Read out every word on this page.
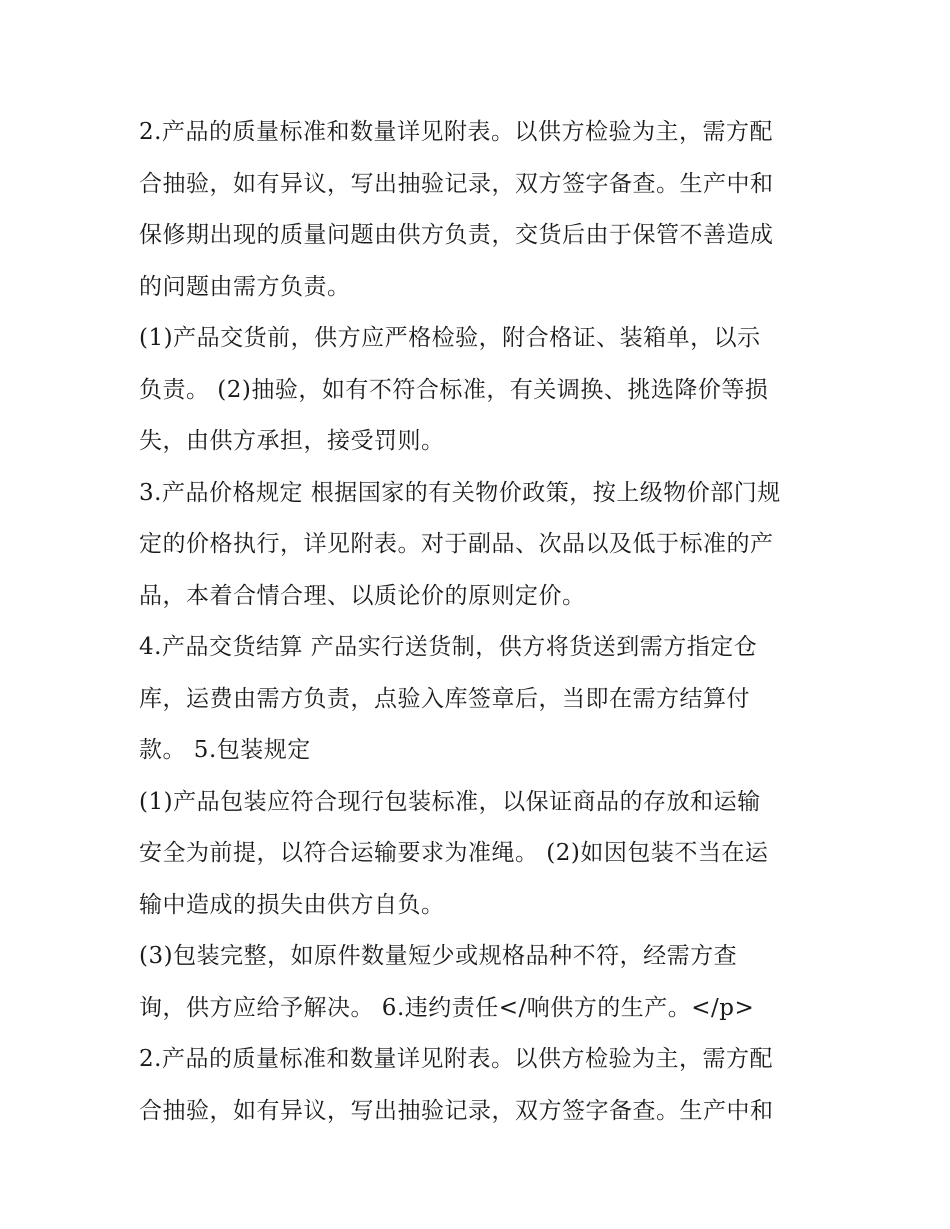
2.产品的质量标准和数量详见附表。以供方检验为主，需方配
合抽验，如有异议，写出抽验记录，双方签字备查。生产中和
保修期出现的质量问题由供方负责，交货后由于保管不善造成
的问题由需方负责。
(1)产品交货前，供方应严格检验，附合格证、装箱单，以示
负责。 (2)抽验，如有不符合标准，有关调换、挑选降价等损
失，由供方承担，接受罚则。
3.产品价格规定 根据国家的有关物价政策，按上级物价部门规
定的价格执行，详见附表。对于副品、次品以及低于标准的产
品，本着合情合理、以质论价的原则定价。
4.产品交货结算 产品实行送货制，供方将货送到需方指定仓
库，运费由需方负责，点验入库签章后，当即在需方结算付
款。 5.包装规定
(1)产品包装应符合现行包装标准，以保证商品的存放和运输
安全为前提，以符合运输要求为准绳。 (2)如因包装不当在运
输中造成的损失由供方自负。
(3)包装完整，如原件数量短少或规格品种不符，经需方查
询，供方应给予解决。 6.违约责任</响供方的生产。</p>
2.产品的质量标准和数量详见附表。以供方检验为主，需方配
合抽验，如有异议，写出抽验记录，双方签字备查。生产中和
